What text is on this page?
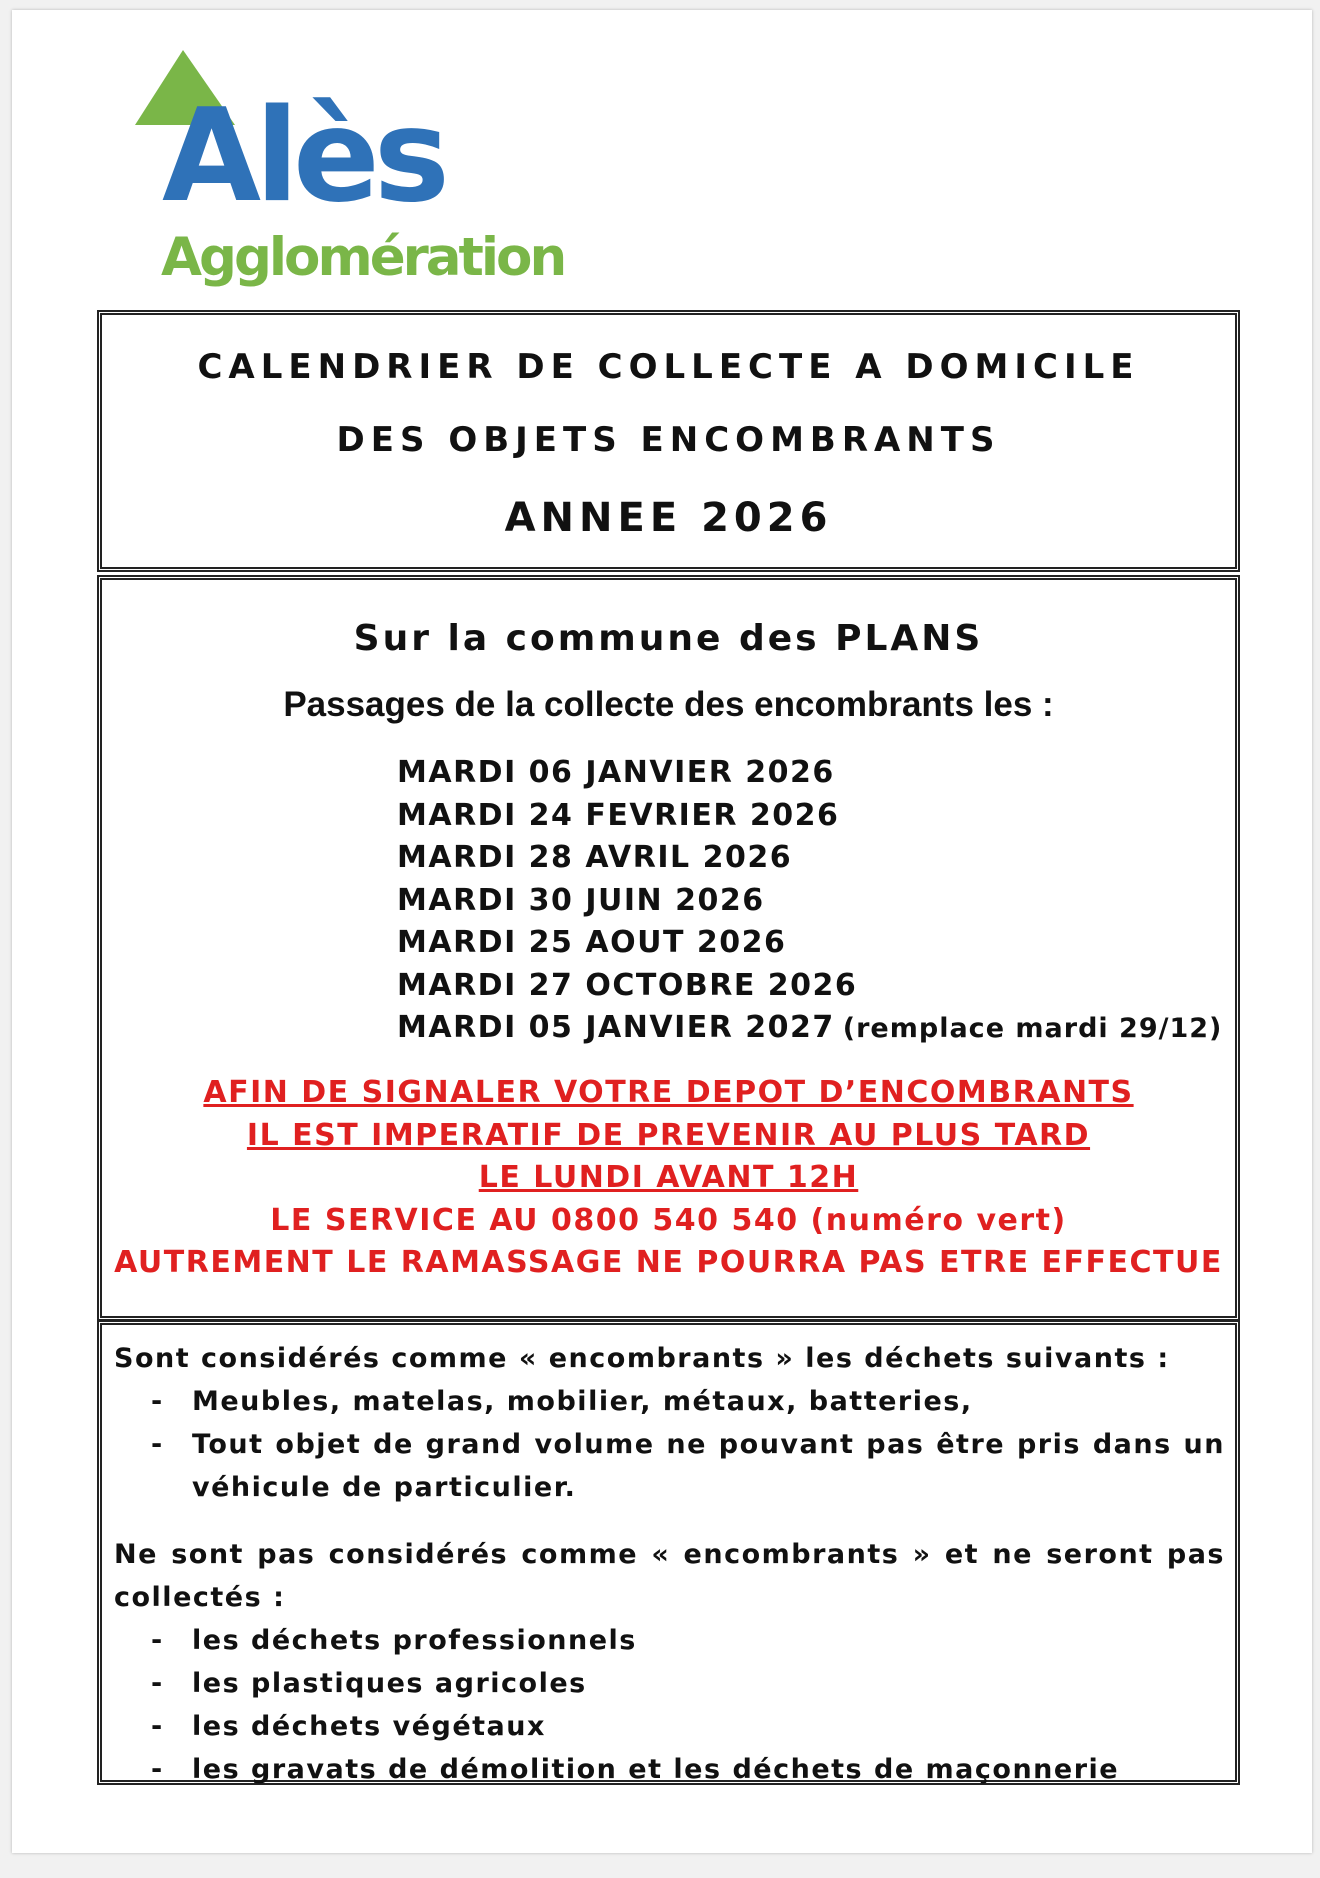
Alès
Agglomération
CALENDRIER DE COLLECTE A DOMICILE
DES OBJETS ENCOMBRANTS
ANNEE 2026
Sur la commune des PLANS
Passages de la collecte des encombrants les :
MARDI 06 JANVIER 2026
MARDI 24 FEVRIER 2026
MARDI 28 AVRIL 2026
MARDI 30 JUIN 2026
MARDI 25 AOUT 2026
MARDI 27 OCTOBRE 2026
MARDI 05 JANVIER 2027 (remplace mardi 29/12)
AFIN DE SIGNALER VOTRE DEPOT D’ENCOMBRANTS
IL EST IMPERATIF DE PREVENIR AU PLUS TARD
LE LUNDI AVANT 12H
LE SERVICE AU 0800 540 540 (numéro vert)
AUTREMENT LE RAMASSAGE NE POURRA PAS ETRE EFFECTUE

Sont considérés comme « encombrants » les déchets suivants :

- Meubles, matelas, mobilier, métaux, batteries,
- Tout objet de grand volume ne pouvant pas être pris dans un
véhicule de particulier.

Ne sont pas considérés comme « encombrants » et ne seront pas

collectés :

- les déchets professionnels
- les plastiques agricoles
- les déchets végétaux
- les gravats de démolition et les déchets de maçonnerie
